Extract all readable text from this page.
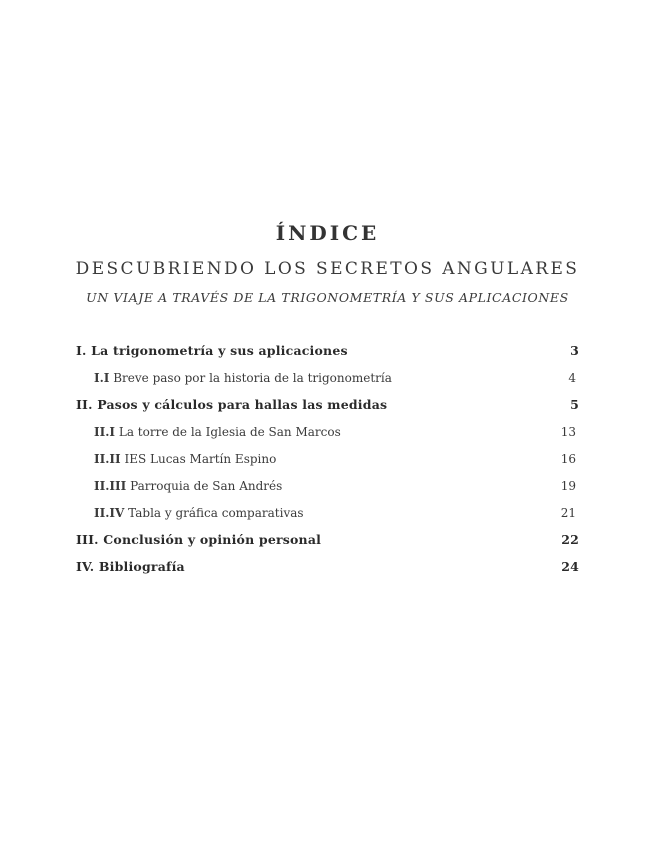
ÍNDICE
DESCUBRIENDO LOS SECRETOS ANGULARES
UN VIAJE A TRAVÉS DE LA TRIGONOMETRÍA Y SUS APLICACIONES
I. La trigonometría y sus aplicaciones	3
I.I Breve paso por la historia de la trigonometría	4
II. Pasos y cálculos para hallas las medidas	5
II.I La torre de la Iglesia de San Marcos	13
II.II IES Lucas Martín Espino	16
II.III Parroquia de San Andrés	19
II.IV Tabla y gráfica comparativas	21
III. Conclusión y opinión personal	22
IV. Bibliografía	24
